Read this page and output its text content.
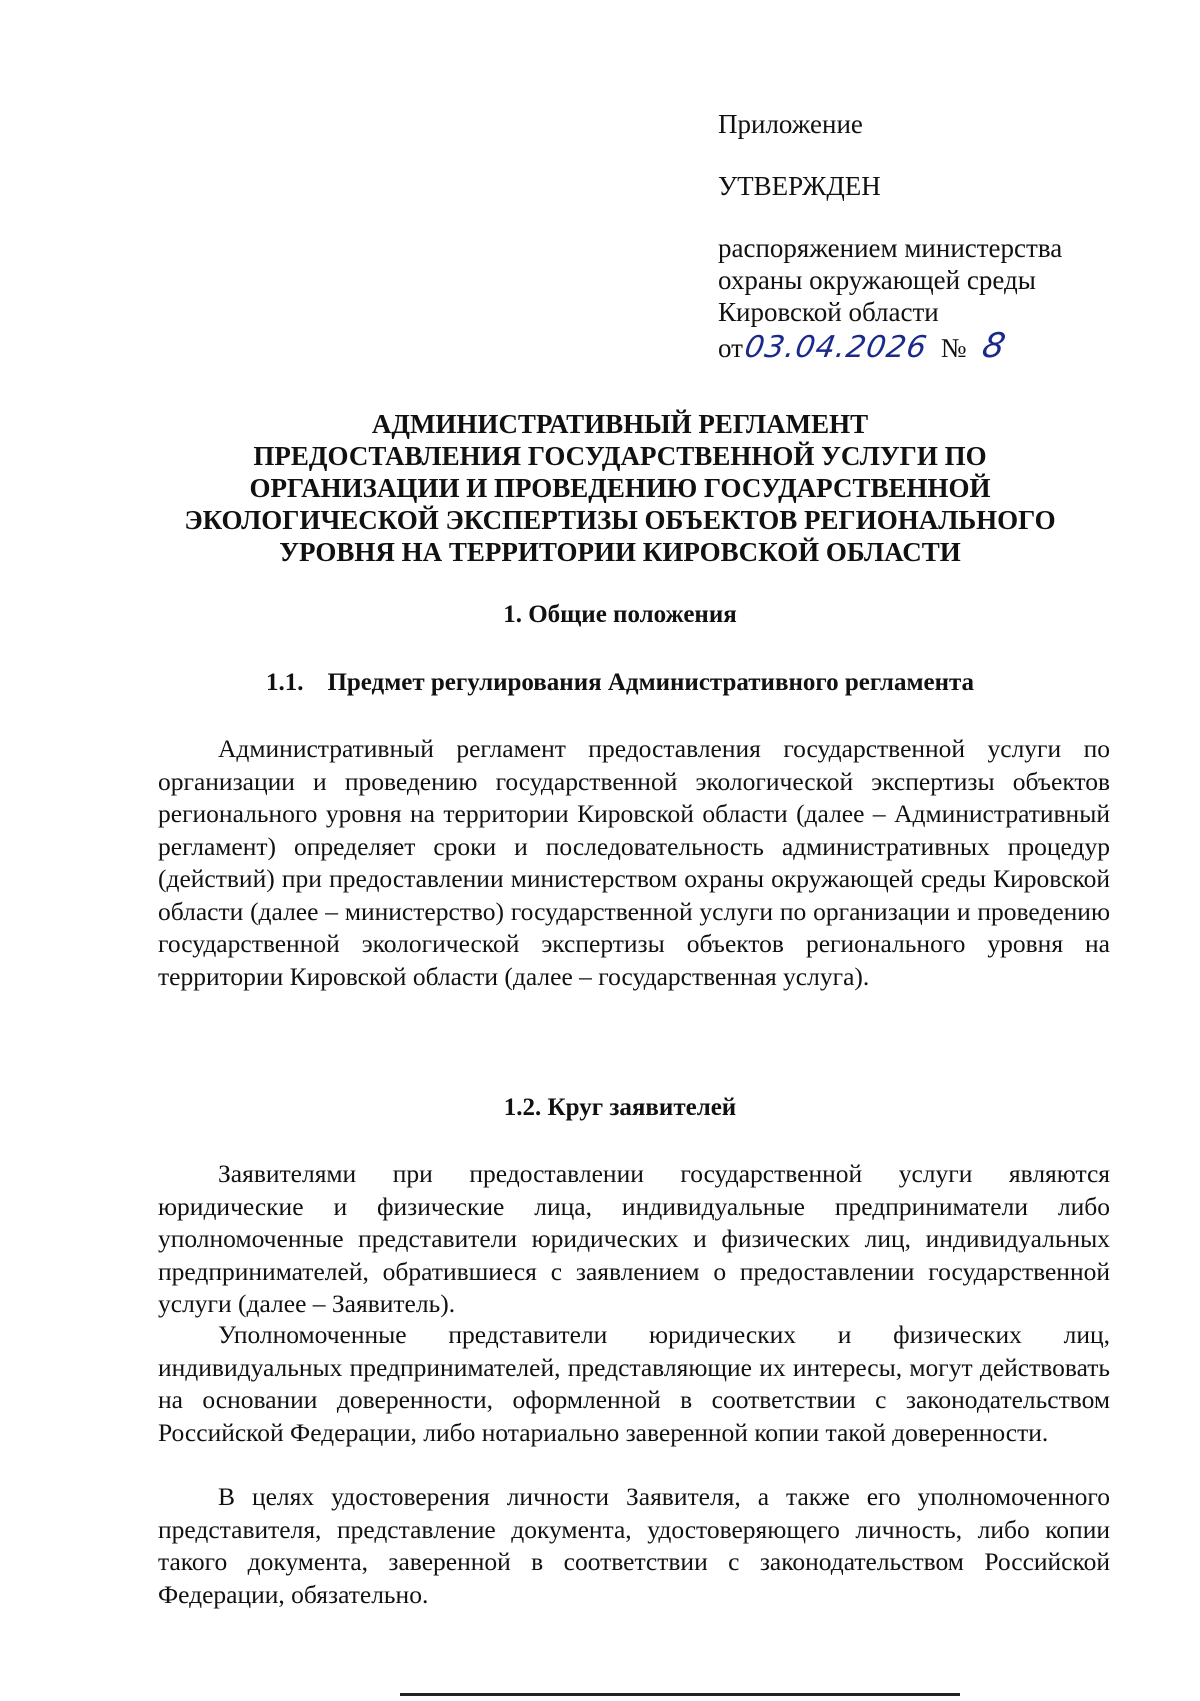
Приложение

УТВЕРЖДЕН

распоряжением министерства
охраны окружающей среды
Кировской области

от 03.04.2026 № 8
АДМИНИСТРАТИВНЫЙ РЕГЛАМЕНТ
ПРЕДОСТАВЛЕНИЯ ГОСУДАРСТВЕННОЙ УСЛУГИ ПО
ОРГАНИЗАЦИИ И ПРОВЕДЕНИЮ ГОСУДАРСТВЕННОЙ
ЭКОЛОГИЧЕСКОЙ ЭКСПЕРТИЗЫ ОБЪЕКТОВ РЕГИОНАЛЬНОГО
УРОВНЯ НА ТЕРРИТОРИИ КИРОВСКОЙ ОБЛАСТИ
1. Общие положения
1.1. Предмет регулирования Административного регламента

Административный регламент предоставления государственной услуги по организации и проведению государственной экологической экспертизы объектов регионального уровня на территории Кировской области (далее – Административный регламент) определяет сроки и последовательность административных процедур (действий) при предоставлении министерством охраны окружающей среды Кировской области (далее – министерство) государственной услуги по организации и проведению государственной экологической экспертизы объектов регионального уровня на территории Кировской области (далее – государственная услуга).

1.2. Круг заявителей

Заявителями при предоставлении государственной услуги являются юридические и физические лица, индивидуальные предприниматели либо уполномоченные представители юридических и физических лиц, индивидуальных предпринимателей, обратившиеся с заявлением о предоставлении государственной услуги (далее – Заявитель).

Уполномоченные представители юридических и физических лиц, индивидуальных предпринимателей, представляющие их интересы, могут действовать на основании доверенности, оформленной в соответствии с законодательством Российской Федерации, либо нотариально заверенной копии такой доверенности.

В целях удостоверения личности Заявителя, а также его уполномоченного представителя, представление документа, удостоверяющего личность, либо копии такого документа, заверенной в соответствии с законодательством Российской Федерации, обязательно.
